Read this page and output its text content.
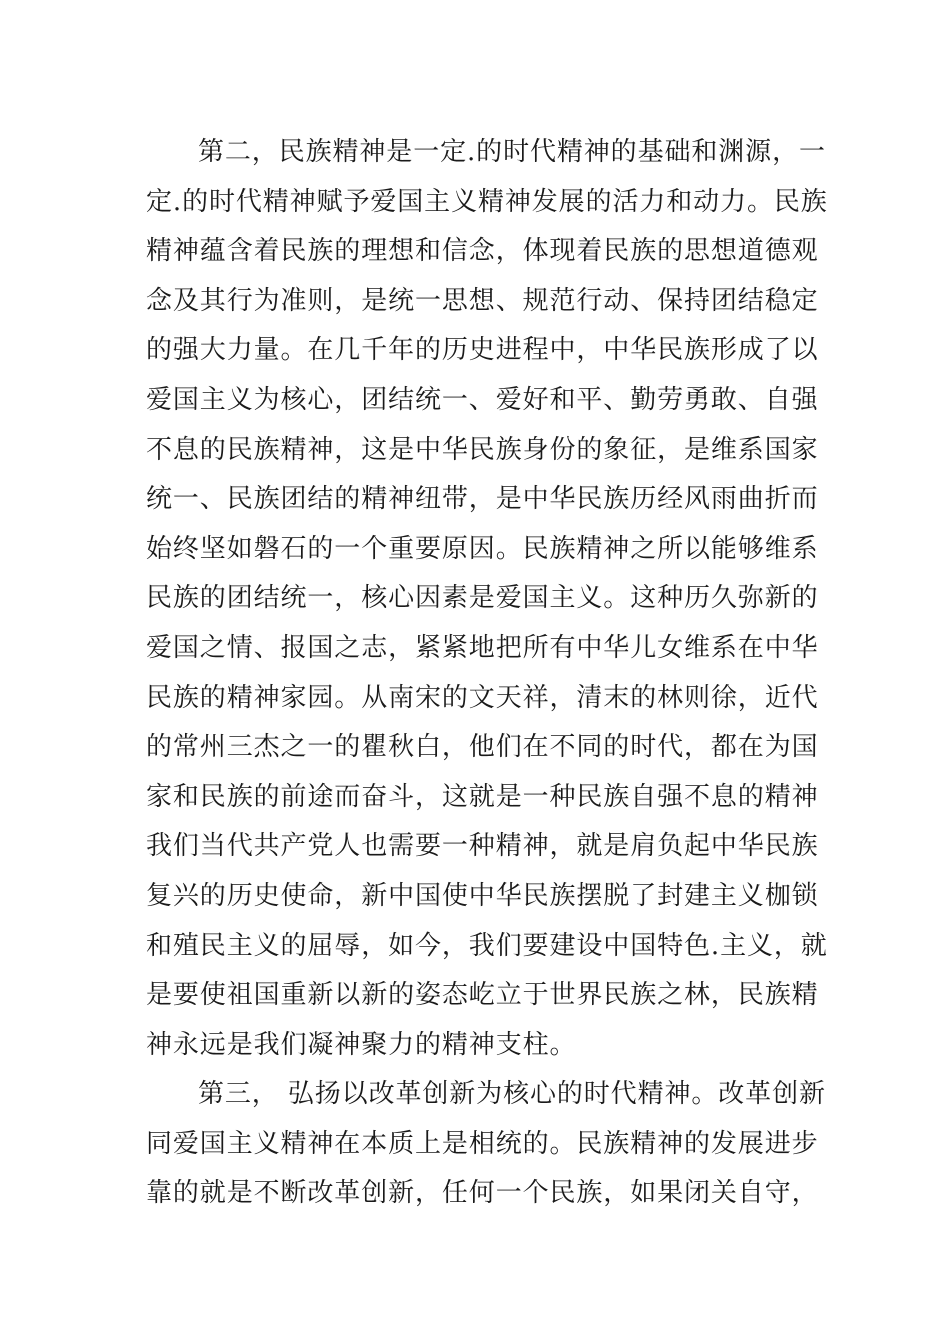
第二，民族精神是一定.的时代精神的基础和渊源，一
定.的时代精神赋予爱国主义精神发展的活力和动力。民族
精神蕴含着民族的理想和信念，体现着民族的思想道德观
念及其行为准则，是统一思想、规范行动、保持团结稳定
的强大力量。在几千年的历史进程中，中华民族形成了以
爱国主义为核心，团结统一、爱好和平、勤劳勇敢、自强
不息的民族精神，这是中华民族身份的象征，是维系国家
统一、民族团结的精神纽带，是中华民族历经风雨曲折而
始终坚如磐石的一个重要原因。民族精神之所以能够维系
民族的团结统一，核心因素是爱国主义。这种历久弥新的
爱国之情、报国之志，紧紧地把所有中华儿女维系在中华
民族的精神家园。从南宋的文天祥，清末的林则徐，近代
的常州三杰之一的瞿秋白，他们在不同的时代，都在为国
家和民族的前途而奋斗，这就是一种民族自强不息的精神
我们当代共产党人也需要一种精神，就是肩负起中华民族
复兴的历史使命，新中国使中华民族摆脱了封建主义枷锁
和殖民主义的屈辱，如今，我们要建设中国特色.主义，就
是要使祖国重新以新的姿态屹立于世界民族之林，民族精
神永远是我们凝神聚力的精神支柱。
第三， 弘扬以改革创新为核心的时代精神。改革创新
同爱国主义精神在本质上是相统的。民族精神的发展进步
靠的就是不断改革创新，任何一个民族，如果闭关自守，
